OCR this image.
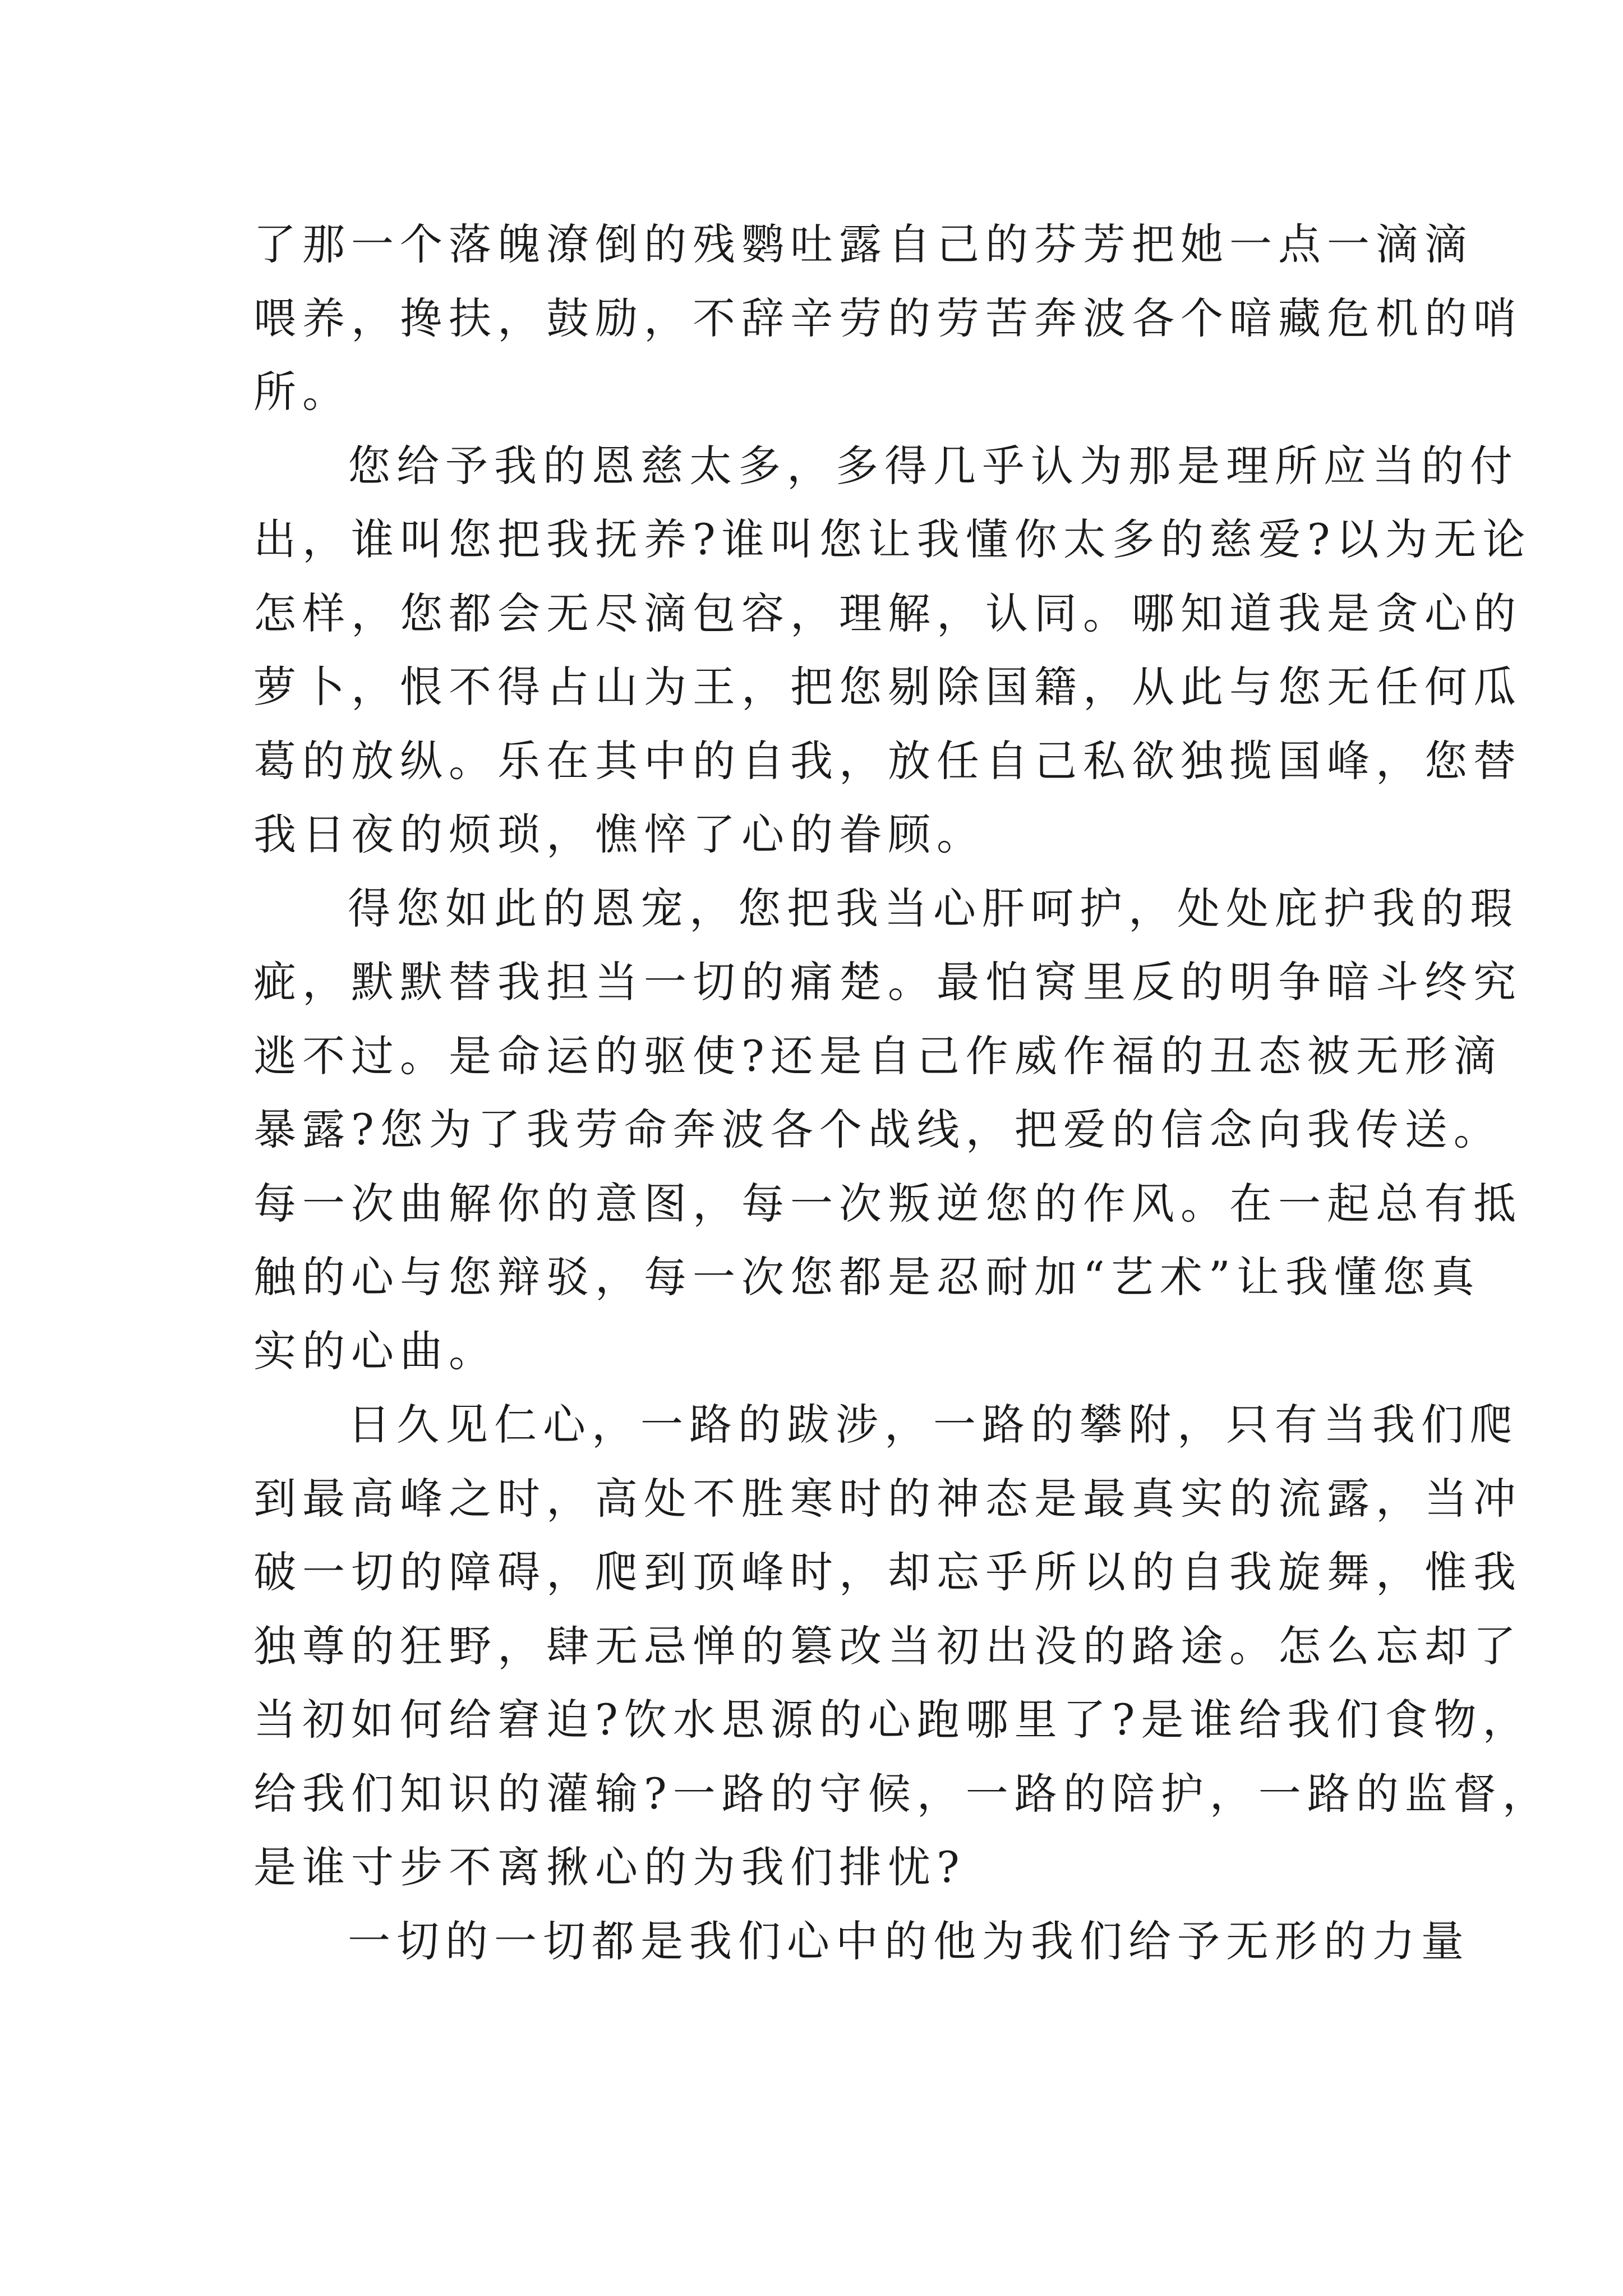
了那一个落魄潦倒的残鹦吐露自己的芬芳把她一点一滴滴
喂养，搀扶，鼓励，不辞辛劳的劳苦奔波各个暗藏危机的哨
所。
您给予我的恩慈太多，多得几乎认为那是理所应当的付
出，谁叫您把我抚养?谁叫您让我懂你太多的慈爱?以为无论
怎样，您都会无尽滴包容，理解，认同。哪知道我是贪心的
萝卜，恨不得占山为王，把您剔除国籍，从此与您无任何瓜
葛的放纵。乐在其中的自我，放任自己私欲独揽国峰，您替
我日夜的烦琐，憔悴了心的眷顾。
得您如此的恩宠，您把我当心肝呵护，处处庇护我的瑕
疵，默默替我担当一切的痛楚。最怕窝里反的明争暗斗终究
逃不过。是命运的驱使?还是自己作威作福的丑态被无形滴
暴露?您为了我劳命奔波各个战线，把爱的信念向我传送。
每一次曲解你的意图，每一次叛逆您的作风。在一起总有抵
触的心与您辩驳，每一次您都是忍耐加“艺术”让我懂您真
实的心曲。
日久见仁心，一路的跋涉，一路的攀附，只有当我们爬
到最高峰之时，高处不胜寒时的神态是最真实的流露，当冲
破一切的障碍，爬到顶峰时，却忘乎所以的自我旋舞，惟我
独尊的狂野，肆无忌惮的篡改当初出没的路途。怎么忘却了
当初如何给窘迫?饮水思源的心跑哪里了?是谁给我们食物，
给我们知识的灌输?一路的守候，一路的陪护，一路的监督，
是谁寸步不离揪心的为我们排忧?
一切的一切都是我们心中的他为我们给予无形的力量
